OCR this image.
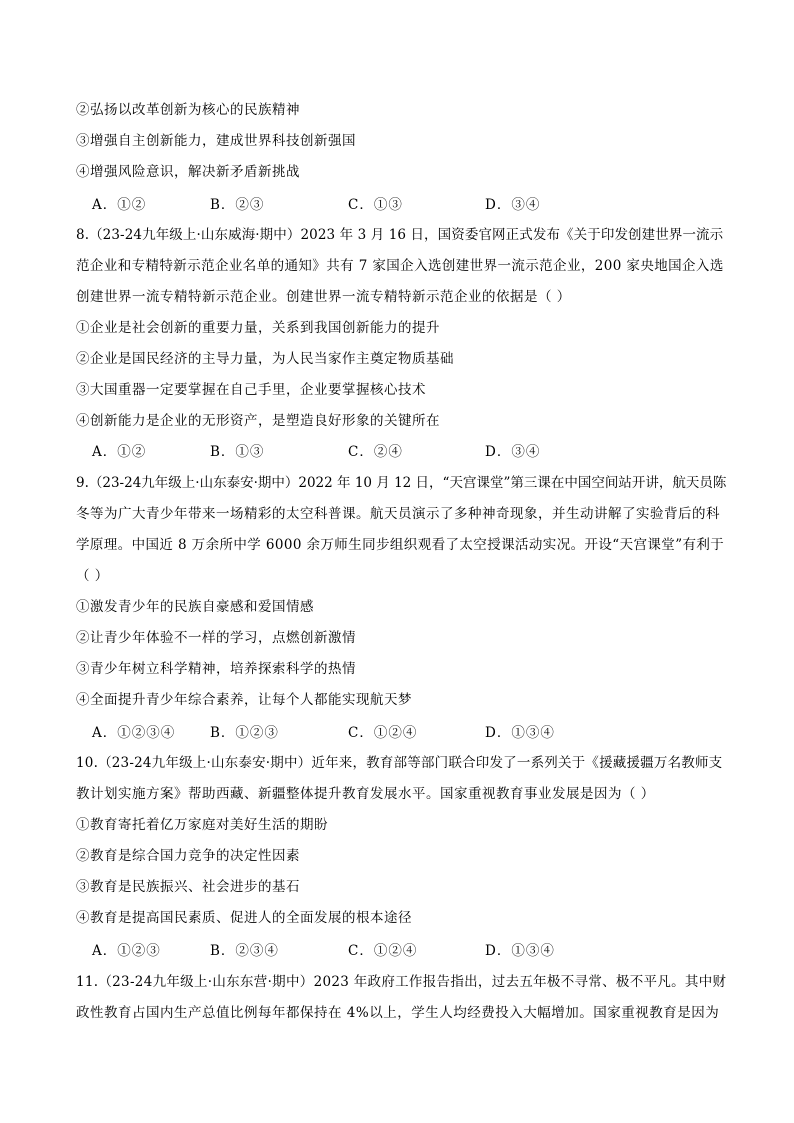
②弘扬以改革创新为核心的民族精神
③增强自主创新能力，建成世界科技创新强国
④增强风险意识，解决新矛盾新挑战
A．①②	B．②③	C．①③	D．③④
8.（23-24九年级上·山东威海·期中）2023 年 3 月 16 日，国资委官网正式发布《关于印发创建世界一流示
范企业和专精特新示范企业名单的通知》共有 7 家国企入选创建世界一流示范企业，200 家央地国企入选
创建世界一流专精特新示范企业。创建世界一流专精特新示范企业的依据是（ ）
①企业是社会创新的重要力量，关系到我国创新能力的提升
②企业是国民经济的主导力量，为人民当家作主奠定物质基础
③大国重器一定要掌握在自己手里，企业要掌握核心技术
④创新能力是企业的无形资产，是塑造良好形象的关键所在
A．①②	B．①③	C．②④	D．③④
9.（23-24九年级上·山东泰安·期中）2022 年 10 月 12 日，“天宫课堂”第三课在中国空间站开讲，航天员陈
冬等为广大青少年带来一场精彩的太空科普课。航天员演示了多种神奇现象，并生动讲解了实验背后的科
学原理。中国近 8 万余所中学 6000 余万师生同步组织观看了太空授课活动实况。开设“天宫课堂”有利于
（ ）
①激发青少年的民族自豪感和爱国情感
②让青少年体验不一样的学习，点燃创新激情
③青少年树立科学精神，培养探索科学的热情
④全面提升青少年综合素养，让每个人都能实现航天梦
A．①②③④	B．①②③	C．①②④	D．①③④
10.（23-24九年级上·山东泰安·期中）近年来，教育部等部门联合印发了一系列关于《援藏援疆万名教师支
教计划实施方案》帮助西藏、新疆整体提升教育发展水平。国家重视教育事业发展是因为（ ）
①教育寄托着亿万家庭对美好生活的期盼
②教育是综合国力竞争的决定性因素
③教育是民族振兴、社会进步的基石
④教育是提高国民素质、促进人的全面发展的根本途径
A．①②③	B．②③④	C．①②④	D．①③④
11.（23-24九年级上·山东东营·期中）2023 年政府工作报告指出，过去五年极不寻常、极不平凡。其中财
政性教育占国内生产总值比例每年都保持在 4%以上，学生人均经费投入大幅增加。国家重视教育是因为
